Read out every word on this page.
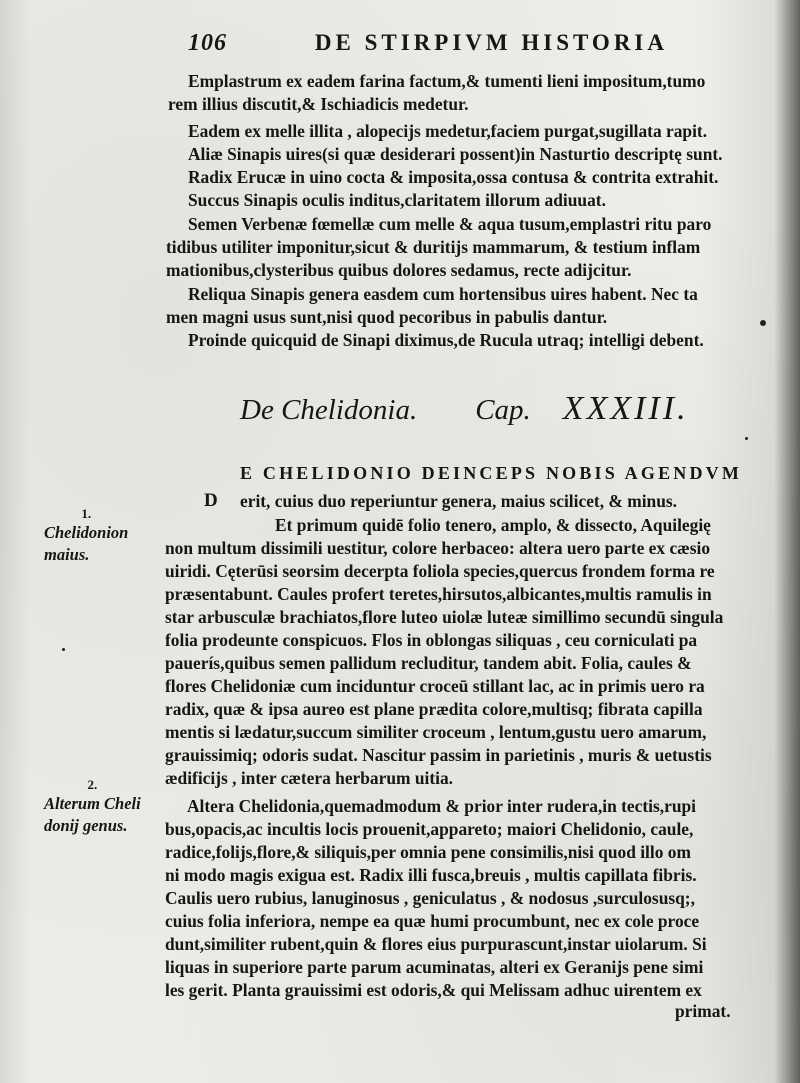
106	DE STIRPIVM HISTORIA
Emplastrum ex eadem farina factum,& tumenti lieni impositum,tumo
rem illius discutit,& Ischiadicis medetur.
Eadem ex melle illita , alopecijs medetur,faciem purgat,sugillata rapit.
Aliæ Sinapis uires(si quæ desiderari possent)in Nasturtio descriptę sunt.
Radix Erucæ in uino cocta & imposita,ossa contusa & contrita extrahit.
Succus Sinapis oculis inditus,claritatem illorum adiuuat.
Semen Verbenæ fœmellæ cum melle & aqua tusum,emplastri ritu paro
tidibus utiliter imponitur,sicut & duritijs mammarum, & testium inflam
mationibus,clysteribus quibus dolores sedamus, recte adijcitur.
Reliqua Sinapis genera easdem cum hortensibus uires habent. Nec ta
men magni usus sunt,nisi quod pecoribus in pabulis dantur.
Proinde quicquid de Sinapi diximus,de Rucula utraq; intelligi debent.
De Chelidonia. Cap. XXXIII.
E CHELIDONIO DEINCEPS NOBIS AGENDVM
D erit, cuius duo reperiuntur genera, maius scilicet, & minus.
Et primum quidē folio tenero, amplo, & dissecto, Aquilegię
non multum dissimili uestitur, colore herbaceo: altera uero parte ex cæsio
uiridi. Cęterūsi seorsim decerpta foliola species,quercus frondem forma re
præsentabunt. Caules profert teretes,hirsutos,albicantes,multis ramulis in
star arbusculæ brachiatos,flore luteo uiolæ luteæ simillimo secundū singula
folia prodeunte conspicuos. Flos in oblongas siliquas , ceu corniculati pa
pauerís,quibus semen pallidum recluditur, tandem abit. Folia, caules &
flores Chelidoniæ cum inciduntur croceū stillant lac, ac in primis uero ra
radix, quæ & ipsa aureo est plane prædita colore,multisq; fibrata capilla
mentis si lædatur,succum similiter croceum , lentum,gustu uero amarum,
grauissimiq; odoris sudat. Nascitur passim in parietinis , muris & uetustis
ædificijs , inter cætera herbarum uitia.
Altera Chelidonia,quemadmodum & prior inter rudera,in tectis,rupi
bus,opacis,ac incultis locis prouenit,appareto; maiori Chelidonio, caule,
radice,folijs,flore,& siliquis,per omnia pene consimilis,nisi quod illo om
ni modo magis exigua est. Radix illi fusca,breuis , multis capillata fibris.
Caulis uero rubius, lanuginosus , geniculatus , & nodosus ,surculosusq;,
cuius folia inferiora, nempe ea quæ humi procumbunt, nec ex cole proce
dunt,similiter rubent,quin & flores eius purpurascunt,instar uiolarum. Si
liquas in superiore parte parum acuminatas, alteri ex Geranijs pene simi
les gerit. Planta grauissimi est odoris,& qui Melissam adhuc uirentem ex
primat.
1.
Chelidonion
maius.
2.
Alterum Cheli
donij genus.
